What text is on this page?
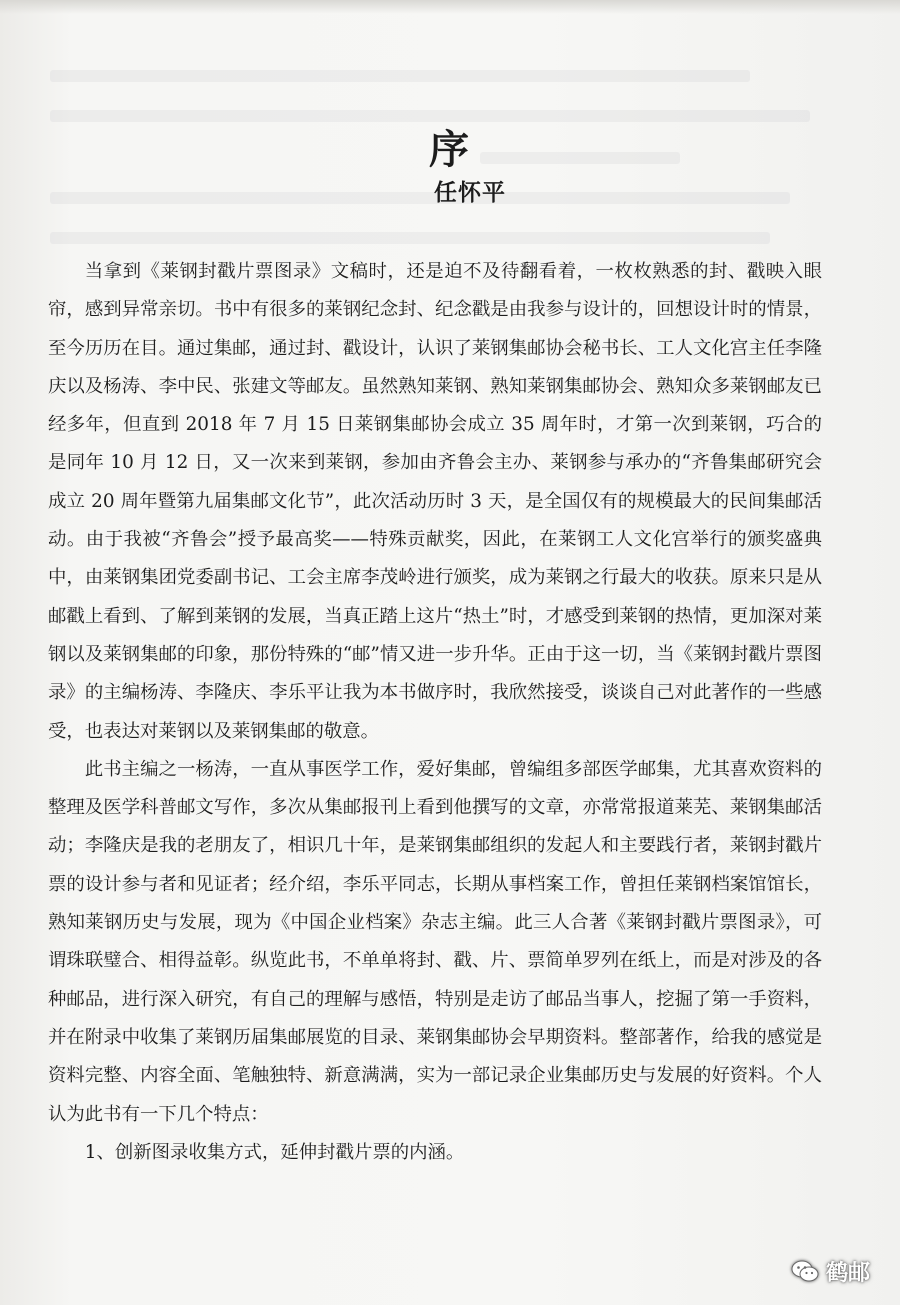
序
任怀平

当拿到《莱钢封戳片票图录》文稿时，还是迫不及待翻看着，一枚枚熟悉的封、戳映入眼帘，感到异常亲切。书中有很多的莱钢纪念封、纪念戳是由我参与设计的，回想设计时的情景，至今历历在目。通过集邮，通过封、戳设计，认识了莱钢集邮协会秘书长、工人文化宫主任李隆庆以及杨涛、李中民、张建文等邮友。虽然熟知莱钢、熟知莱钢集邮协会、熟知众多莱钢邮友已经多年，但直到 2018 年 7 月 15 日莱钢集邮协会成立 35 周年时，才第一次到莱钢，巧合的是同年 10 月 12 日，又一次来到莱钢，参加由齐鲁会主办、莱钢参与承办的“齐鲁集邮研究会成立 20 周年暨第九届集邮文化节”，此次活动历时 3 天，是全国仅有的规模最大的民间集邮活动。由于我被“齐鲁会”授予最高奖——特殊贡献奖，因此，在莱钢工人文化宫举行的颁奖盛典中，由莱钢集团党委副书记、工会主席李茂岭进行颁奖，成为莱钢之行最大的收获。原来只是从邮戳上看到、了解到莱钢的发展，当真正踏上这片“热土”时，才感受到莱钢的热情，更加深对莱钢以及莱钢集邮的印象，那份特殊的“邮”情又进一步升华。正由于这一切，当《莱钢封戳片票图录》的主编杨涛、李隆庆、李乐平让我为本书做序时，我欣然接受，谈谈自己对此著作的一些感受，也表达对莱钢以及莱钢集邮的敬意。

此书主编之一杨涛，一直从事医学工作，爱好集邮，曾编组多部医学邮集，尤其喜欢资料的整理及医学科普邮文写作，多次从集邮报刊上看到他撰写的文章，亦常常报道莱芜、莱钢集邮活动；李隆庆是我的老朋友了，相识几十年，是莱钢集邮组织的发起人和主要践行者，莱钢封戳片票的设计参与者和见证者；经介绍，李乐平同志，长期从事档案工作，曾担任莱钢档案馆馆长，熟知莱钢历史与发展，现为《中国企业档案》杂志主编。此三人合著《莱钢封戳片票图录》，可谓珠联璧合、相得益彰。纵览此书，不单单将封、戳、片、票简单罗列在纸上，而是对涉及的各种邮品，进行深入研究，有自己的理解与感悟，特别是走访了邮品当事人，挖掘了第一手资料，并在附录中收集了莱钢历届集邮展览的目录、莱钢集邮协会早期资料。整部著作，给我的感觉是资料完整、内容全面、笔触独特、新意满满，实为一部记录企业集邮历史与发展的好资料。个人认为此书有一下几个特点：

1、创新图录收集方式，延伸封戳片票的内涵。

鹤邮
